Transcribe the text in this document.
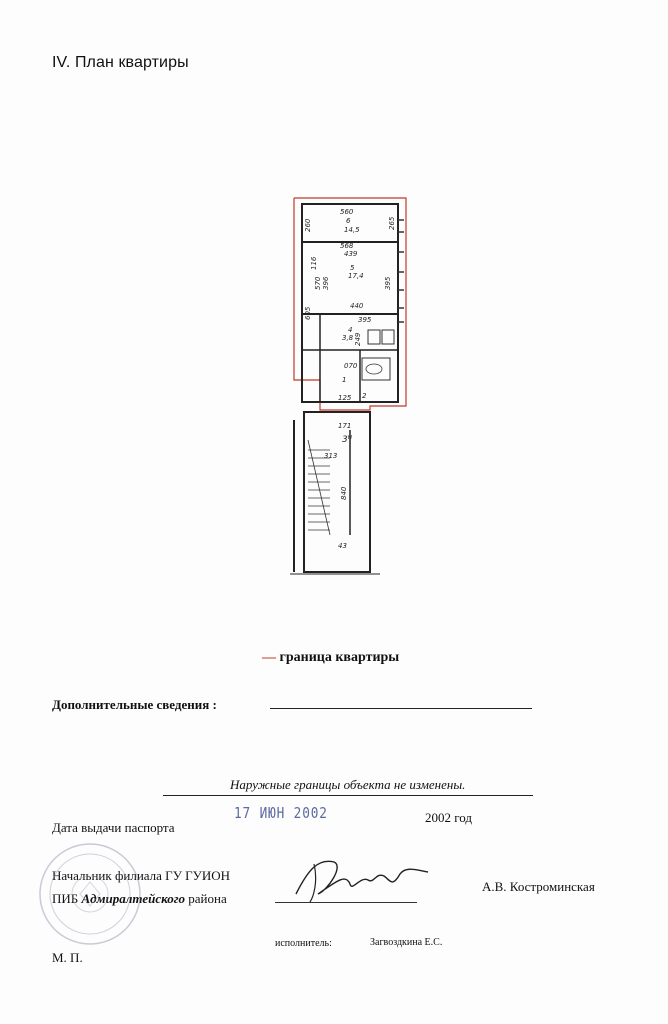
IV. План квартиры
560
6
14,5
568
260	265
439
5
17,4
116
570 396	395
440
395
605
4
3,8 249
070
1
125 2
171
3ᴴ
313
840
43
— граница квартиры
Дополнительные сведения :
Наружные границы объекта не изменены.
Дата выдачи паспорта
17 ИЮН 2002	2002 год
Начальник филиала ГУ ГУИОН
ПИБ Адмиралтейского района
А.В. Костроминская
М. П.
исполнитель:	Загвоздкина Е.С.
